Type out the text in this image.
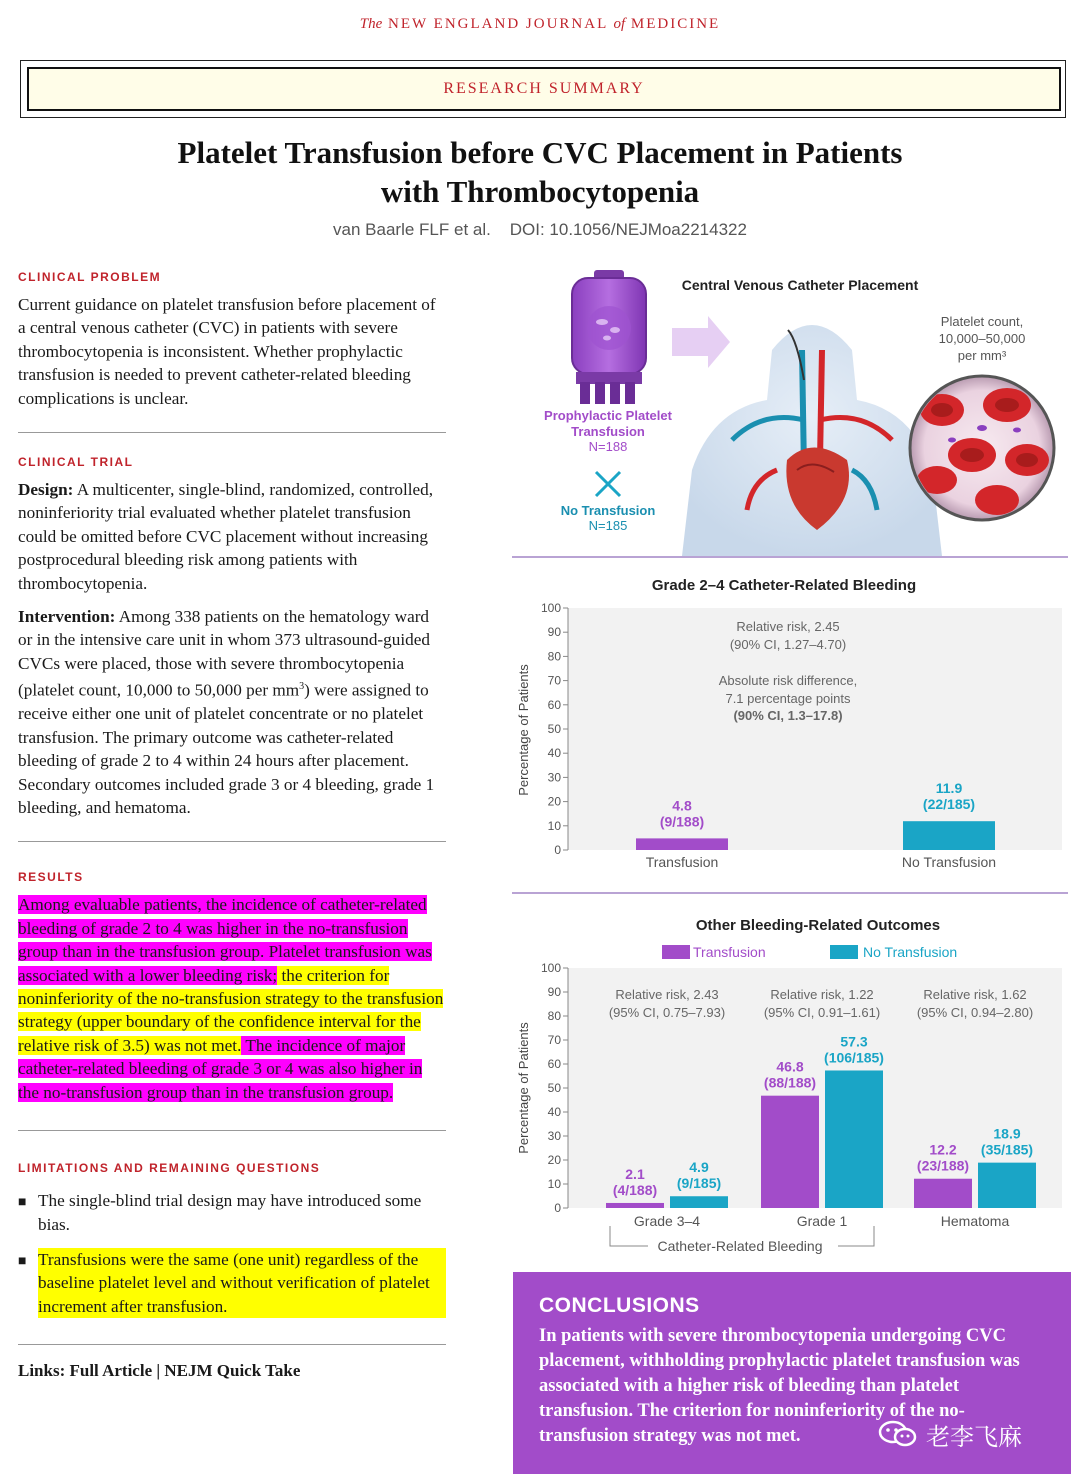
The NEW ENGLAND JOURNAL of MEDICINE
RESEARCH SUMMARY
Platelet Transfusion before CVC Placement in Patients
with Thrombocytopenia
van Baarle FLF et al.    DOI: 10.1056/NEJMoa2214322
CLINICAL PROBLEM
Current guidance on platelet transfusion before placement of a central venous catheter (CVC) in patients with severe thrombocytopenia is inconsistent. Whether prophylactic transfusion is needed to prevent catheter-related bleeding complications is unclear.
CLINICAL TRIAL
Design: A multicenter, single-blind, randomized, controlled, noninferiority trial evaluated whether platelet transfusion could be omitted before CVC placement without increasing postprocedural bleeding risk among patients with thrombocytopenia.
Intervention: Among 338 patients on the hematology ward or in the intensive care unit in whom 373 ultrasound-guided CVCs were placed, those with severe thrombocytopenia (platelet count, 10,000 to 50,000 per $mm^3$) were assigned to receive either one unit of platelet concentrate or no platelet transfusion. The primary outcome was catheter-related bleeding of grade 2 to 4 within 24 hours after placement. Secondary outcomes included grade 3 or 4 bleeding, grade 1 bleeding, and hematoma.
RESULTS
Among evaluable patients, the incidence of catheter-related bleeding of grade 2 to 4 was higher in the no-transfusion group than in the transfusion group. Platelet transfusion was associated with a lower bleeding risk; the criterion for noninferiority of the no-transfusion strategy to the transfusion strategy (upper boundary of the confidence interval for the relative risk of 3.5) was not met. The incidence of major catheter-related bleeding of grade 3 or 4 was also higher in the no-transfusion group than in the transfusion group.
LIMITATIONS AND REMAINING QUESTIONS
■ The single-blind trial design may have introduced some bias.
■ Transfusions were the same (one unit) regardless of the baseline platelet level and without verification of platelet increment after transfusion.
Links: Full Article | NEJM Quick Take
Prophylactic Platelet
Transfusion
N=188
No Transfusion
N=185
Central Venous Catheter Placement
Platelet count,
10,000–50,000
per mm³
Grade 2–4 Catheter-Related Bleeding
Percentage of Patients
0
10
20
30
40
50
60
70
80
90
100
4.8
(9/188)
Transfusion
11.9
(22/185)
No Transfusion
Relative risk, 2.45
(90% CI, 1.27–4.70)
Absolute risk difference,
7.1 percentage points
(90% CI, 1.3–17.8)
Other Bleeding-Related Outcomes
Transfusion	No Transfusion
Percentage of Patients
0
10
20
30
40
50
60
70
80
90
100
2.1
(4/188)
4.9
(9/185)
Grade 3–4
46.8
(88/188)
57.3
(106/185)
Grade 1
12.2
(23/188)
18.9
(35/185)
Hematoma
Relative risk, 2.43
(95% CI, 0.75–7.93)
Relative risk, 1.22
(95% CI, 0.91–1.61)
Relative risk, 1.62
(95% CI, 0.94–2.80)
Catheter-Related Bleeding
CONCLUSIONS

In patients with severe thrombocytopenia undergoing CVC placement, withholding prophylactic platelet transfusion was associated with a higher risk of bleeding than platelet transfusion. The criterion for noninferiority of the no-transfusion strategy was not met.	老李飞麻
